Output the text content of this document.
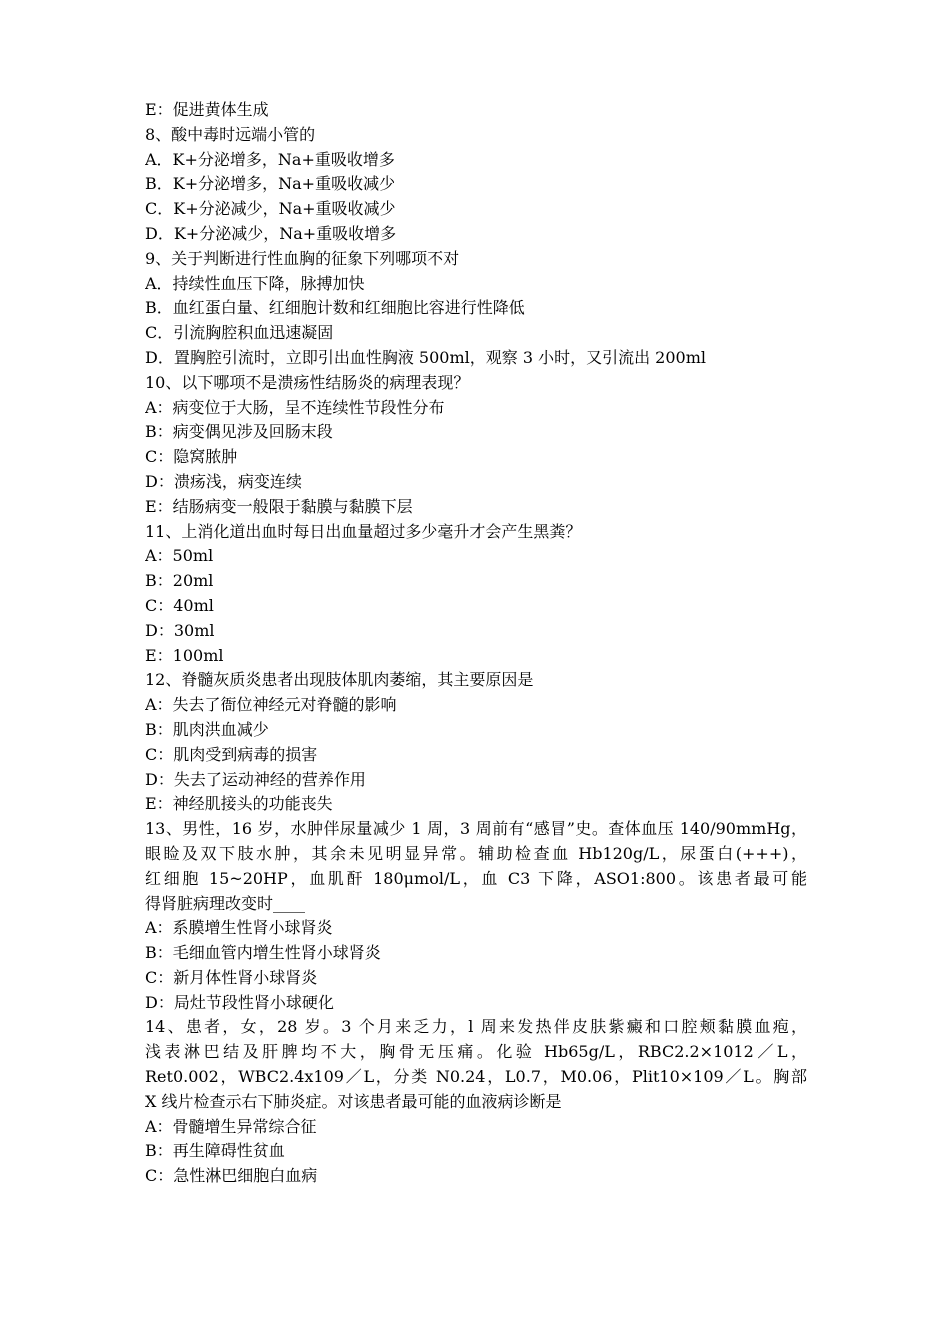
E：促进黄体生成
8、酸中毒时远端小管的
A．K+分泌增多，Na+重吸收增多
B．K+分泌增多，Na+重吸收减少
C．K+分泌减少，Na+重吸收减少
D．K+分泌减少，Na+重吸收增多
9、关于判断进行性血胸的征象下列哪项不对
A．持续性血压下降，脉搏加快
B．血红蛋白量、红细胞计数和红细胞比容进行性降低
C．引流胸腔积血迅速凝固
D．置胸腔引流时，立即引出血性胸液 500ml，观察 3 小时，又引流出 200ml
10、以下哪项不是溃疡性结肠炎的病理表现？
A：病变位于大肠，呈不连续性节段性分布
B：病变偶见涉及回肠末段
C：隐窝脓肿
D：溃疡浅，病变连续
E：结肠病变一般限于黏膜与黏膜下层
11、上消化道出血时每日出血量超过多少毫升才会产生黑粪？
A：50ml
B：20ml
C：40ml
D：30ml
E：100ml
12、脊髓灰质炎患者出现肢体肌肉萎缩，其主要原因是
A：失去了衙位神经元对脊髓的影响
B：肌肉洪血减少
C：肌肉受到病毒的损害
D：失去了运动神经的营养作用
E：神经肌接头的功能丧失
13、男性，16 岁，水肿伴尿量减少 1 周，3 周前有“感冒”史。查体血压 140/90mmHg，
眼睑及双下肢水肿，其余未见明显异常。辅助检查血 Hb120g/L，尿蛋白(+++)，
红细胞 15~20HP，血肌酐 180μmol/L，血 C3 下降，ASO1:800。该患者最可能
得肾脏病理改变时____
A：系膜增生性肾小球肾炎
B：毛细血管内增生性肾小球肾炎
C：新月体性肾小球肾炎
D：局灶节段性肾小球硬化
14、患者，女，28 岁。3 个月来乏力，l 周来发热伴皮肤紫癜和口腔颊黏膜血疱，
浅表淋巴结及肝脾均不大，胸骨无压痛。化验 Hb65g/L，RBC2.2×1012／L，
Ret0.002，WBC2.4x109／L，分类 N0.24，L0.7，M0.06，Plit10×109／L。胸部
X 线片检查示右下肺炎症。对该患者最可能的血液病诊断是
A：骨髓增生异常综合征
B：再生障碍性贫血
C：急性淋巴细胞白血病
